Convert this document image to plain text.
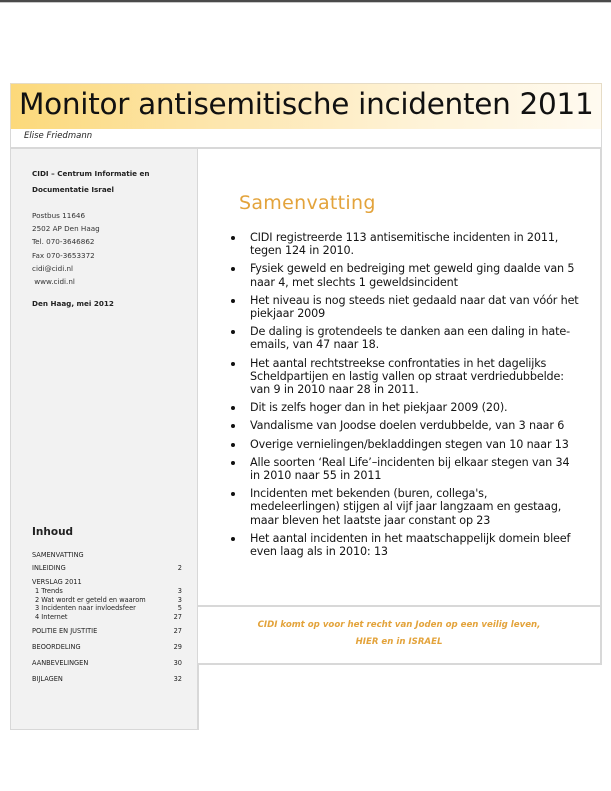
Monitor antisemitische incidenten 2011
Elise Friedmann
CIDI – Centrum Informatie en
Documentatie Israel
Postbus 11646
2502 AP Den Haag
Tel. 070-3646862
Fax 070-3653372
cidi@cidi.nl
www.cidi.nl
Den Haag, mei 2012
Inhoud
SAMENVATTING
INLEIDING	2
VERSLAG 2011
1 Trends	3
2 Wat wordt er geteld en waarom	3
3 Incidenten naar invloedsfeer	5
4 Internet	27
POLITIE EN JUSTITIE	27
BEOORDELING	29
AANBEVELINGEN	30
BIJLAGEN	32
Samenvatting
CIDI registreerde 113 antisemitische incidenten in 2011, tegen 124 in 2010.
Fysiek geweld en bedreiging met geweld ging daalde van 5 naar 4, met slechts 1 geweldsincident
Het niveau is nog steeds niet gedaald naar dat van vóór het piekjaar 2009
De daling is grotendeels te danken aan een daling in hate-emails, van 47 naar 18.
Het aantal rechtstreekse confrontaties in het dagelijks Scheldpartijen en lastig vallen op straat verdriedubbelde: van 9 in 2010 naar 28 in 2011.
Dit is zelfs hoger dan in het piekjaar 2009 (20).
Vandalisme van Joodse doelen verdubbelde, van 3 naar 6
Overige vernielingen/bekladdingen stegen van 10 naar 13
Alle soorten ‘Real Life’–incidenten bij elkaar stegen van 34 in 2010 naar 55 in 2011
Incidenten met bekenden (buren, collega's, medeleerlingen) stijgen al vijf jaar langzaam en gestaag, maar bleven het laatste jaar constant op 23
Het aantal incidenten in het maatschappelijk domein bleef even laag als in 2010: 13
CIDI komt op voor het recht van Joden op een veilig leven,
HIER en in ISRAEL
